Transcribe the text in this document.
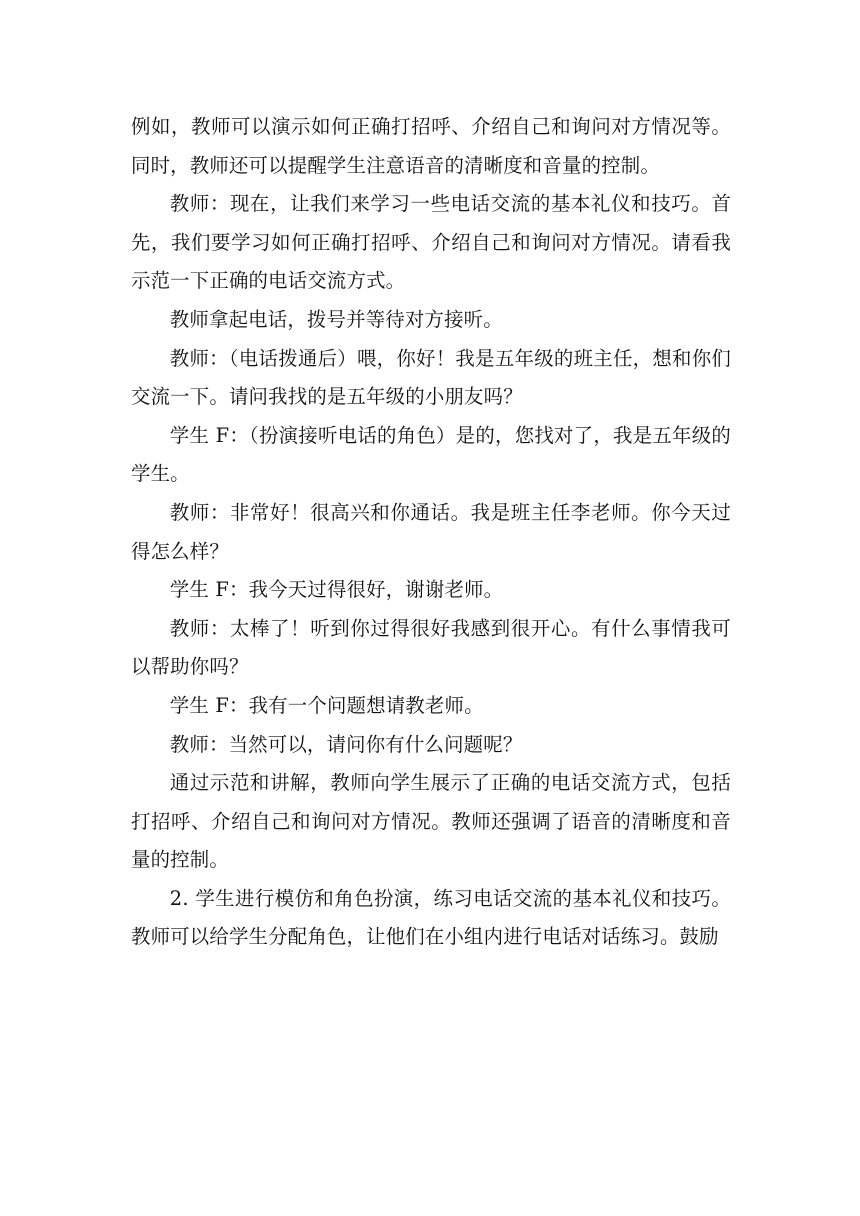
例如，教师可以演示如何正确打招呼、介绍自己和询问对方情况等。同时，教师还可以提醒学生注意语音的清晰度和音量的控制。

教师：现在，让我们来学习一些电话交流的基本礼仪和技巧。首先，我们要学习如何正确打招呼、介绍自己和询问对方情况。请看我示范一下正确的电话交流方式。

教师拿起电话，拨号并等待对方接听。

教师：（电话拨通后）喂，你好！我是五年级的班主任，想和你们交流一下。请问我找的是五年级的小朋友吗？

学生 F：（扮演接听电话的角色）是的，您找对了，我是五年级的学生。

教师：非常好！很高兴和你通话。我是班主任李老师。你今天过得怎么样？

学生 F：我今天过得很好，谢谢老师。

教师：太棒了！听到你过得很好我感到很开心。有什么事情我可以帮助你吗？

学生 F：我有一个问题想请教老师。

教师：当然可以，请问你有什么问题呢？

通过示范和讲解，教师向学生展示了正确的电话交流方式，包括打招呼、介绍自己和询问对方情况。教师还强调了语音的清晰度和音量的控制。

2. 学生进行模仿和角色扮演，练习电话交流的基本礼仪和技巧。教师可以给学生分配角色，让他们在小组内进行电话对话练习。鼓励
